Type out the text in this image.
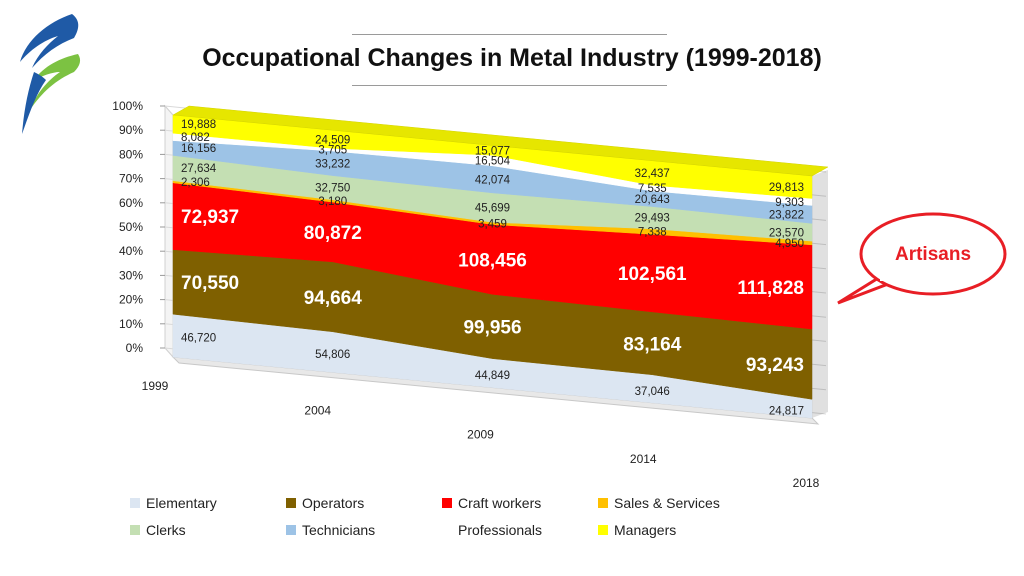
Occupational Changes in Metal Industry (1999-2018)
0%
10%
20%
30%
40%
50%
60%
70%
80%
90%
100%
1999
2004
2009
2014
2018
46,720
54,806
44,849
37,046
24,817
70,550
94,664
99,956
83,164
93,243
72,937
80,872
108,456
102,561
111,828
2,306
3,180
3,459
7,338
4,950
27,634
32,750
45,699
29,493
23,570
16,156
33,232
42,074
20,643
23,822
8,082
3,705
16,504
7,535
9,303
19,888
24,509
15,077
32,437
29,813
Artisans
Elementary	Operators	Craft workers	Sales & Services
Clerks	Technicians	Professionals	Managers
